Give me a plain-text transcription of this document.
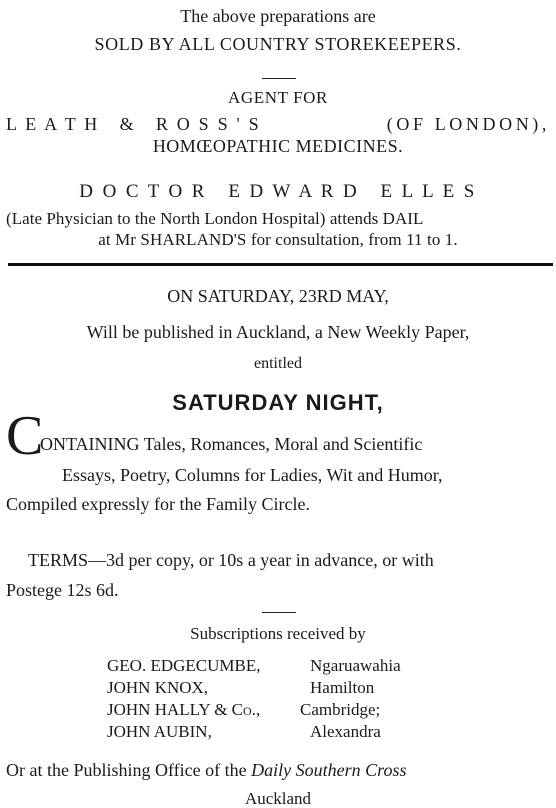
The above preparations are
SOLD BY ALL COUNTRY STOREKEEPERS.
AGENT FOR
L E A T H   &   R O S S ' S	(OF LONDON),
HOMŒOPATHIC MEDICINES.
D O C T O R   E D W A R D   E L L E S
(Late Physician to the North London Hospital) attends DAIL
at Mr SHARLAND'S for consultation, from 11 to 1.
ON SATURDAY, 23RD MAY,
Will be published in Auckland, a New Weekly Paper,
entitled
SATURDAY NIGHT,
C
ONTAINING Tales, Romances, Moral and Scientific
Essays, Poetry, Columns for Ladies, Wit and Humor,
Compiled expressly for the Family Circle.
TERMS—3d per copy, or 10s a year in advance, or with
Postege 12s 6d.
Subscriptions received by
GEO. EDGECUMBE,	Ngaruawahia
JOHN KNOX,	Hamilton
JOHN HALLY & Co., Cambridge;
JOHN AUBIN,	Alexandra
Or at the Publishing Office of the Daily Southern Cross
Auckland
